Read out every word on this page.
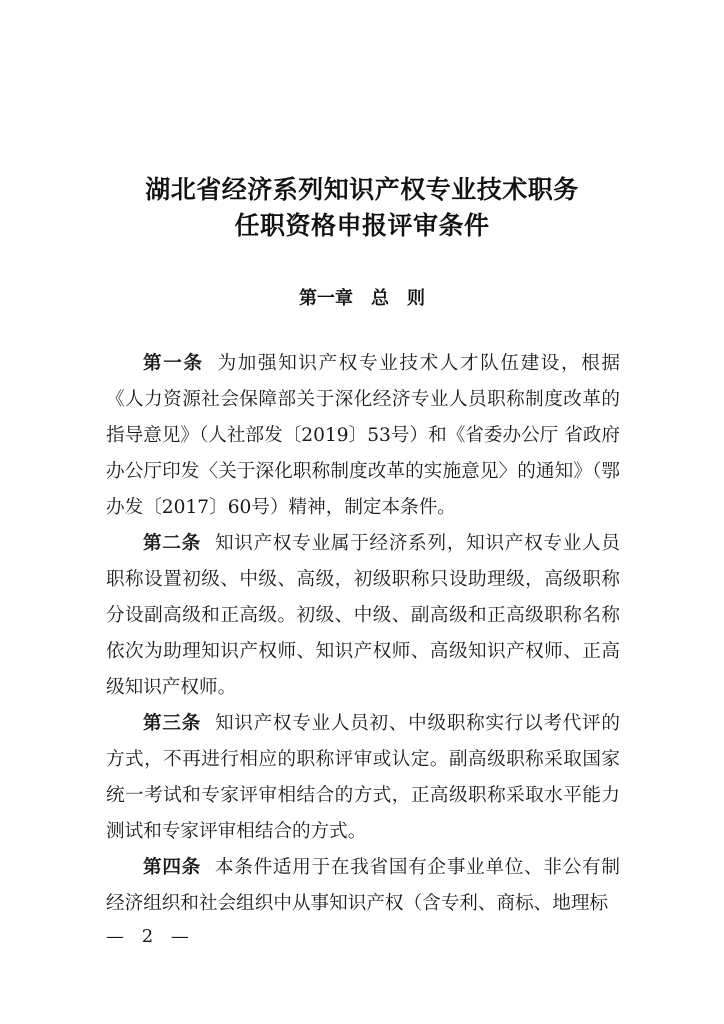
湖北省经济系列知识产权专业技术职务
任职资格申报评审条件
第一章　总　则

第一条 为加强知识产权专业技术人才队伍建设，根据《人力资源社会保障部关于深化经济专业人员职称制度改革的指导意见》（人社部发〔2019〕53号）和《省委办公厅 省政府办公厅印发〈关于深化职称制度改革的实施意见〉的通知》（鄂办发〔2017〕60号）精神，制定本条件。

第二条 知识产权专业属于经济系列，知识产权专业人员职称设置初级、中级、高级，初级职称只设助理级，高级职称分设副高级和正高级。初级、中级、副高级和正高级职称名称依次为助理知识产权师、知识产权师、高级知识产权师、正高级知识产权师。

第三条 知识产权专业人员初、中级职称实行以考代评的方式，不再进行相应的职称评审或认定。副高级职称采取国家统一考试和专家评审相结合的方式，正高级职称采取水平能力测试和专家评审相结合的方式。

第四条 本条件适用于在我省国有企事业单位、非公有制经济组织和社会组织中从事知识产权（含专利、商标、地理标

— 2 —
